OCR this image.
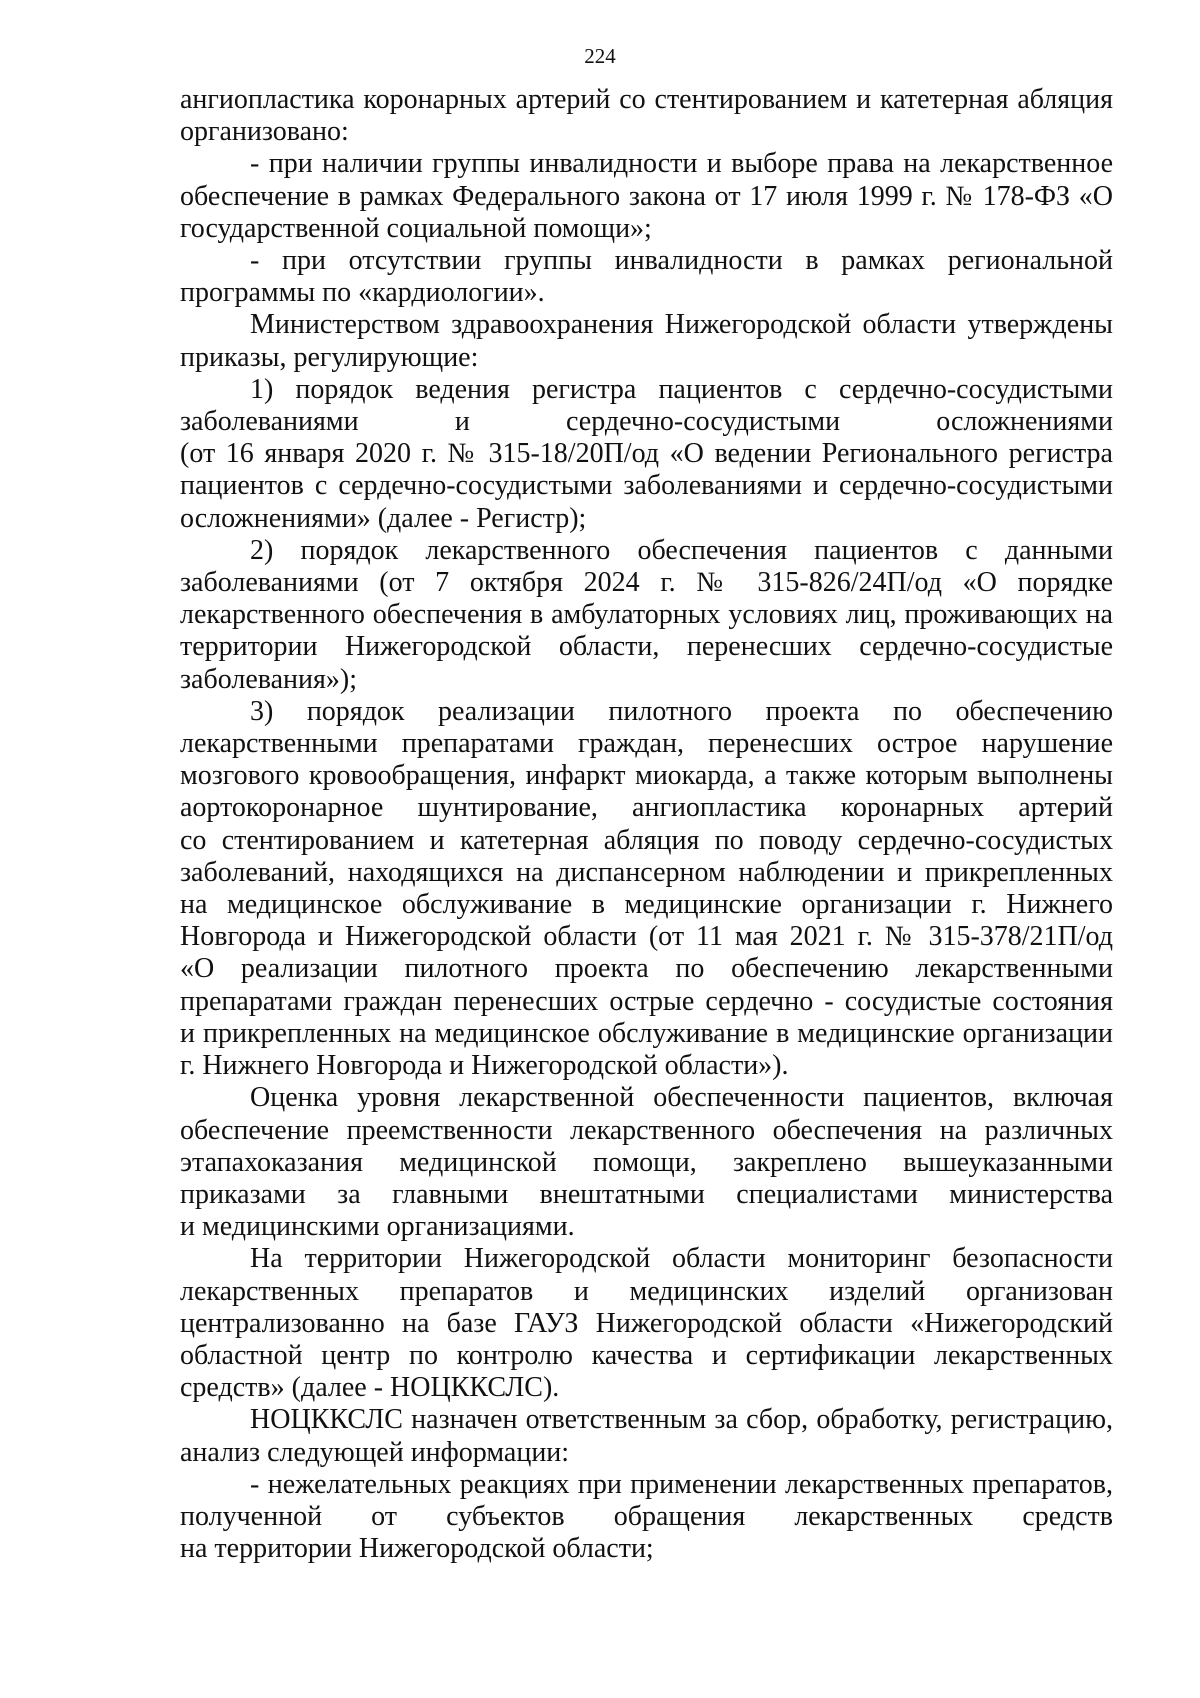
224

ангиопластика коронарных артерий со стентированием и катетерная абляция организовано:

- при наличии группы инвалидности и выборе права на лекарственное обеспечение в рамках Федерального закона от 17 июля 1999 г. № 178-ФЗ «О государственной социальной помощи»;

- при отсутствии группы инвалидности в рамках региональной программы по «кардиологии».

Министерством здравоохранения Нижегородской области утверждены приказы, регулирующие:

1) порядок ведения регистра пациентов с сердечно-сосудистыми заболеваниями и сердечно-сосудистыми осложнениями

(от 16 января 2020 г. № 315-18/20П/од «О ведении Регионального регистра пациентов с сердечно-сосудистыми заболеваниями и сердечно-сосудистыми осложнениями» (далее - Регистр);

2) порядок лекарственного обеспечения пациентов с данными заболеваниями (от 7 октября 2024 г. № 315-826/24П/од «О порядке лекарственного обеспечения в амбулаторных условиях лиц, проживающих на территории Нижегородской области, перенесших сердечно-сосудистые заболевания»);

3) порядок реализации пилотного проекта по обеспечению лекарственными препаратами граждан, перенесших острое нарушение мозгового кровообращения, инфаркт миокарда, а также которым выполнены аортокоронарное шунтирование, ангиопластика коронарных артерий

со стентированием и катетерная абляция по поводу сердечно-сосудистых заболеваний, находящихся на диспансерном наблюдении и прикрепленных

на медицинское обслуживание в медицинские организации г. Нижнего Новгорода и Нижегородской области (от 11 мая 2021 г. № 315-378/21П/од

«О реализации пилотного проекта по обеспечению лекарственными препаратами граждан перенесших острые сердечно - сосудистые состояния

и прикрепленных на медицинское обслуживание в медицинские организации г. Нижнего Новгорода и Нижегородской области»).

Оценка уровня лекарственной обеспеченности пациентов, включая обеспечение преемственности лекарственного обеспечения на различных этапахоказания медицинской помощи, закреплено вышеуказанными приказами за главными внештатными специалистами министерства

и медицинскими организациями.

На территории Нижегородской области мониторинг безопасности лекарственных препаратов и медицинских изделий организован централизованно на базе ГАУЗ Нижегородской области «Нижегородский областной центр по контролю качества и сертификации лекарственных средств» (далее - НОЦККСЛС).

НОЦККСЛС назначен ответственным за сбор, обработку, регистрацию, анализ следующей информации:

- нежелательных реакциях при применении лекарственных препаратов, полученной от субъектов обращения лекарственных средств

на территории Нижегородской области;
